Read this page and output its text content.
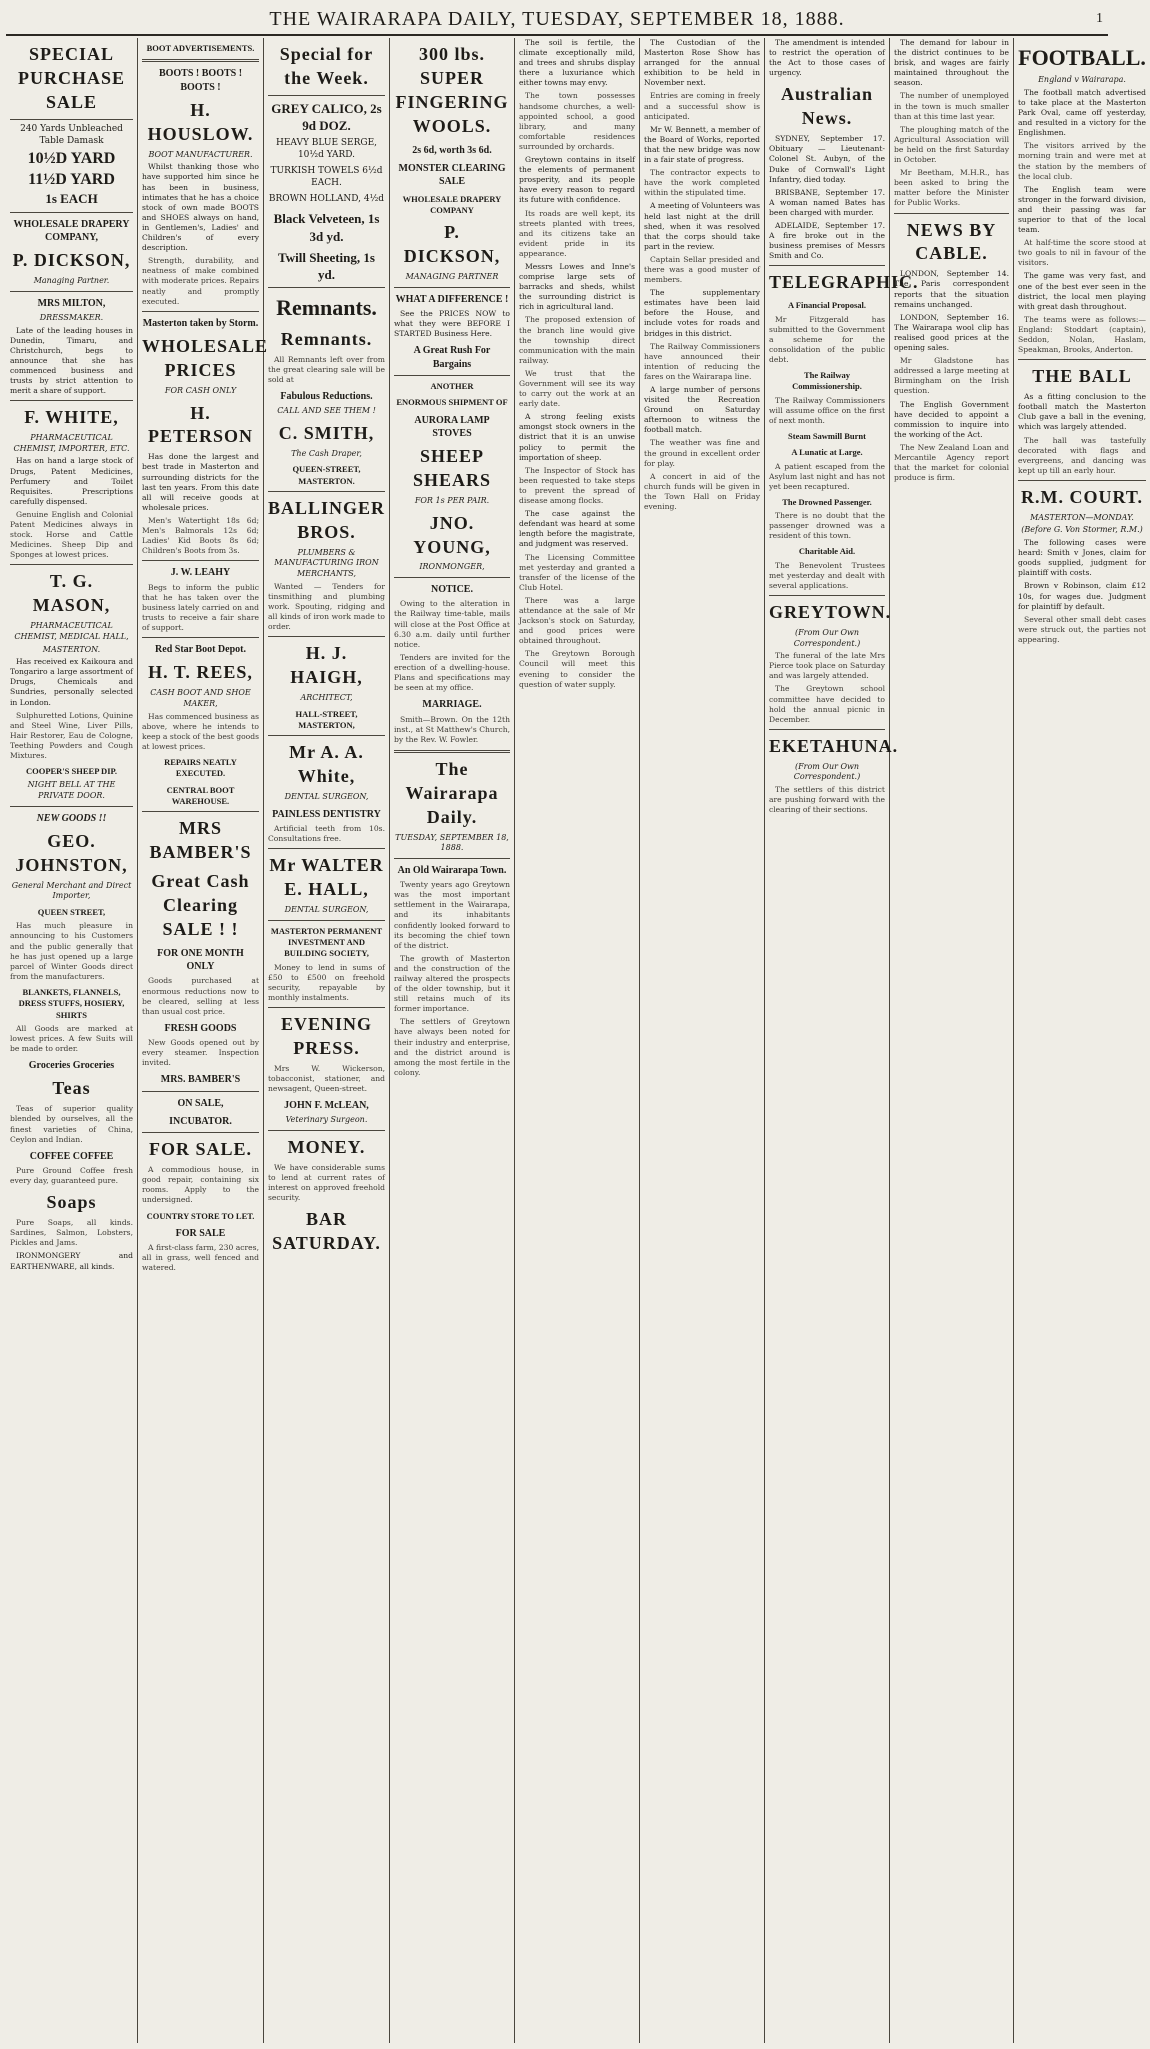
THE WAIRARAPA DAILY, TUESDAY, SEPTEMBER 18, 1888.	1
SPECIAL PURCHASE SALE
240 Yards Unbleached Table Damask
10½D YARD
11½D YARD
1s EACH
WHOLESALE DRAPERY COMPANY,
P. DICKSON,
Managing Partner.
MRS MILTON,
DRESSMAKER.

Late of the leading houses in Dunedin, Timaru, and Christchurch, begs to announce that she has commenced business and trusts by strict attention to merit a share of support.

F. WHITE,
PHARMACEUTICAL CHEMIST, IMPORTER, ETC.

Has on hand a large stock of Drugs, Patent Medicines, Perfumery and Toilet Requisites. Prescriptions carefully dispensed.

Genuine English and Colonial Patent Medicines always in stock. Horse and Cattle Medicines. Sheep Dip and Sponges at lowest prices.

T. G. MASON,
PHARMACEUTICAL CHEMIST, MEDICAL HALL,
MASTERTON.

Has received ex Kaikoura and Tongariro a large assortment of Drugs, Chemicals and Sundries, personally selected in London.

Sulphuretted Lotions, Quinine and Steel Wine, Liver Pills, Hair Restorer, Eau de Cologne, Teething Powders and Cough Mixtures.

COOPER'S SHEEP DIP.
NIGHT BELL AT THE PRIVATE DOOR.
NEW GOODS !!
GEO. JOHNSTON,
General Merchant and Direct Importer,
QUEEN STREET,

Has much pleasure in announcing to his Customers and the public generally that he has just opened up a large parcel of Winter Goods direct from the manufacturers.

BLANKETS, FLANNELS, DRESS STUFFS, HOSIERY, SHIRTS

All Goods are marked at lowest prices. A few Suits will be made to order.

Groceries Groceries
Teas

Teas of superior quality blended by ourselves, all the finest varieties of China, Ceylon and Indian.

COFFEE COFFEE

Pure Ground Coffee fresh every day, guaranteed pure.

Soaps

Pure Soaps, all kinds. Sardines, Salmon, Lobsters, Pickles and Jams.

IRONMONGERY and EARTHENWARE, all kinds.

BOOT ADVERTISEMENTS.
BOOTS ! BOOTS ! BOOTS !
H. HOUSLOW.
BOOT MANUFACTURER.

Whilst thanking those who have supported him since he has been in business, intimates that he has a choice stock of own made BOOTS and SHOES always on hand, in Gentlemen's, Ladies' and Children's of every description.

Strength, durability, and neatness of make combined with moderate prices. Repairs neatly and promptly executed.

Masterton taken by Storm.
WHOLESALE PRICES
FOR CASH ONLY
H. PETERSON

Has done the largest and best trade in Masterton and surrounding districts for the last ten years. From this date all will receive goods at wholesale prices.

Men's Watertight 18s 6d; Men's Balmorals 12s 6d; Ladies' Kid Boots 8s 6d; Children's Boots from 3s.

J. W. LEAHY

Begs to inform the public that he has taken over the business lately carried on and trusts to receive a fair share of support.

Red Star Boot Depot.
H. T. REES,
CASH BOOT AND SHOE MAKER,

Has commenced business as above, where he intends to keep a stock of the best goods at lowest prices.

REPAIRS NEATLY EXECUTED.
CENTRAL BOOT WAREHOUSE.
MRS BAMBER'S
Great Cash Clearing SALE ! !
FOR ONE MONTH ONLY

Goods purchased at enormous reductions now to be cleared, selling at less than usual cost price.

FRESH GOODS

New Goods opened out by every steamer. Inspection invited.

MRS. BAMBER'S
ON SALE,
INCUBATOR.
FOR SALE.

A commodious house, in good repair, containing six rooms. Apply to the undersigned.

COUNTRY STORE TO LET.
FOR SALE

A first-class farm, 230 acres, all in grass, well fenced and watered.

Special for the Week.
GREY CALICO, 2s 9d DOZ.
HEAVY BLUE SERGE, 10½d YARD.
TURKISH TOWELS 6½d EACH.
BROWN HOLLAND, 4½d
Black Velveteen, 1s 3d yd.
Twill Sheeting, 1s yd.
Remnants.
Remnants.

All Remnants left over from the great clearing sale will be sold at

Fabulous Reductions.
CALL AND SEE THEM !
C. SMITH,
The Cash Draper,
QUEEN-STREET, MASTERTON.
BALLINGER BROS.
PLUMBERS & MANUFACTURING IRON MERCHANTS,

Wanted — Tenders for tinsmithing and plumbing work. Spouting, ridging and all kinds of iron work made to order.

H. J. HAIGH,
ARCHITECT,
HALL-STREET, MASTERTON,
Mr A. A. White,
DENTAL SURGEON,
PAINLESS DENTISTRY

Artificial teeth from 10s. Consultations free.

Mr WALTER E. HALL,
DENTAL SURGEON,
MASTERTON PERMANENT INVESTMENT AND BUILDING SOCIETY,

Money to lend in sums of £50 to £500 on freehold security, repayable by monthly instalments.

EVENING PRESS.

Mrs W. Wickerson, tobacconist, stationer, and newsagent, Queen-street.

JOHN F. McLEAN,
Veterinary Surgeon.
MONEY.

We have considerable sums to lend at current rates of interest on approved freehold security.

BAR SATURDAY.
300 lbs. SUPER FINGERING WOOLS.
2s 6d, worth 3s 6d.
MONSTER CLEARING SALE
WHOLESALE DRAPERY COMPANY
P. DICKSON,
MANAGING PARTNER
WHAT A DIFFERENCE !

See the PRICES NOW to what they were BEFORE I STARTED Business Here.

A Great Rush For Bargains
ANOTHER
ENORMOUS SHIPMENT OF
AURORA LAMP STOVES
SHEEP SHEARS
FOR 1s PER PAIR.
JNO. YOUNG,
IRONMONGER,
NOTICE.

Owing to the alteration in the Railway time-table, mails will close at the Post Office at 6.30 a.m. daily until further notice.

Tenders are invited for the erection of a dwelling-house. Plans and specifications may be seen at my office.

MARRIAGE.

Smith—Brown. On the 12th inst., at St Matthew's Church, by the Rev. W. Fowler.

The Wairarapa Daily.
TUESDAY, SEPTEMBER 18, 1888.
An Old Wairarapa Town.

Twenty years ago Greytown was the most important settlement in the Wairarapa, and its inhabitants confidently looked forward to its becoming the chief town of the district.

The growth of Masterton and the construction of the railway altered the prospects of the older township, but it still retains much of its former importance.

The settlers of Greytown have always been noted for their industry and enterprise, and the district around is among the most fertile in the colony.

The soil is fertile, the climate exceptionally mild, and trees and shrubs display there a luxuriance which either towns may envy.

The town possesses handsome churches, a well-appointed school, a good library, and many comfortable residences surrounded by orchards.

Greytown contains in itself the elements of permanent prosperity, and its people have every reason to regard its future with confidence.

Its roads are well kept, its streets planted with trees, and its citizens take an evident pride in its appearance.

Messrs Lowes and Inne's comprise large sets of barracks and sheds, whilst the surrounding district is rich in agricultural land.

The proposed extension of the branch line would give the township direct communication with the main railway.

We trust that the Government will see its way to carry out the work at an early date.

A strong feeling exists amongst stock owners in the district that it is an unwise policy to permit the importation of sheep.

The Inspector of Stock has been requested to take steps to prevent the spread of disease among flocks.

The case against the defendant was heard at some length before the magistrate, and judgment was reserved.

The Licensing Committee met yesterday and granted a transfer of the license of the Club Hotel.

There was a large attendance at the sale of Mr Jackson's stock on Saturday, and good prices were obtained throughout.

The Greytown Borough Council will meet this evening to consider the question of water supply.

The Custodian of the Masterton Rose Show has arranged for the annual exhibition to be held in November next.

Entries are coming in freely and a successful show is anticipated.

Mr W. Bennett, a member of the Board of Works, reported that the new bridge was now in a fair state of progress.

The contractor expects to have the work completed within the stipulated time.

A meeting of Volunteers was held last night at the drill shed, when it was resolved that the corps should take part in the review.

Captain Sellar presided and there was a good muster of members.

The supplementary estimates have been laid before the House, and include votes for roads and bridges in this district.

The Railway Commissioners have announced their intention of reducing the fares on the Wairarapa line.

A large number of persons visited the Recreation Ground on Saturday afternoon to witness the football match.

The weather was fine and the ground in excellent order for play.

A concert in aid of the church funds will be given in the Town Hall on Friday evening.

The amendment is intended to restrict the operation of the Act to those cases of urgency.

Australian News.

SYDNEY, September 17. Obituary — Lieutenant-Colonel St. Aubyn, of the Duke of Cornwall's Light Infantry, died today.

BRISBANE, September 17. A woman named Bates has been charged with murder.

ADELAIDE, September 17. A fire broke out in the business premises of Messrs Smith and Co.

TELEGRAPHIC.
A Financial Proposal.

Mr Fitzgerald has submitted to the Government a scheme for the consolidation of the public debt.

The Railway Commissionership.

The Railway Commissioners will assume office on the first of next month.

Steam Sawmill Burnt
A Lunatic at Large.

A patient escaped from the Asylum last night and has not yet been recaptured.

The Drowned Passenger.

There is no doubt that the passenger drowned was a resident of this town.

Charitable Aid.

The Benevolent Trustees met yesterday and dealt with several applications.

GREYTOWN.
(From Our Own Correspondent.)

The funeral of the late Mrs Pierce took place on Saturday and was largely attended.

The Greytown school committee have decided to hold the annual picnic in December.

EKETAHUNA.
(From Our Own Correspondent.)

The settlers of this district are pushing forward with the clearing of their sections.

The demand for labour in the district continues to be brisk, and wages are fairly maintained throughout the season.

The number of unemployed in the town is much smaller than at this time last year.

The ploughing match of the Agricultural Association will be held on the first Saturday in October.

Mr Beetham, M.H.R., has been asked to bring the matter before the Minister for Public Works.

NEWS BY CABLE.

LONDON, September 14. The Paris correspondent reports that the situation remains unchanged.

LONDON, September 16. The Wairarapa wool clip has realised good prices at the opening sales.

Mr Gladstone has addressed a large meeting at Birmingham on the Irish question.

The English Government have decided to appoint a commission to inquire into the working of the Act.

The New Zealand Loan and Mercantile Agency report that the market for colonial produce is firm.

FOOTBALL.
England v Wairarapa.

The football match advertised to take place at the Masterton Park Oval, came off yesterday, and resulted in a victory for the Englishmen.

The visitors arrived by the morning train and were met at the station by the members of the local club.

The English team were stronger in the forward division, and their passing was far superior to that of the local team.

At half-time the score stood at two goals to nil in favour of the visitors.

The game was very fast, and one of the best ever seen in the district, the local men playing with great dash throughout.

The teams were as follows:— England: Stoddart (captain), Seddon, Nolan, Haslam, Speakman, Brooks, Anderton.

THE BALL

As a fitting conclusion to the football match the Masterton Club gave a ball in the evening, which was largely attended.

The hall was tastefully decorated with flags and evergreens, and dancing was kept up till an early hour.

R.M. COURT.
MASTERTON—MONDAY.
(Before G. Von Stormer, R.M.)

The following cases were heard: Smith v Jones, claim for goods supplied, judgment for plaintiff with costs.

Brown v Robinson, claim £12 10s, for wages due. Judgment for plaintiff by default.

Several other small debt cases were struck out, the parties not appearing.
